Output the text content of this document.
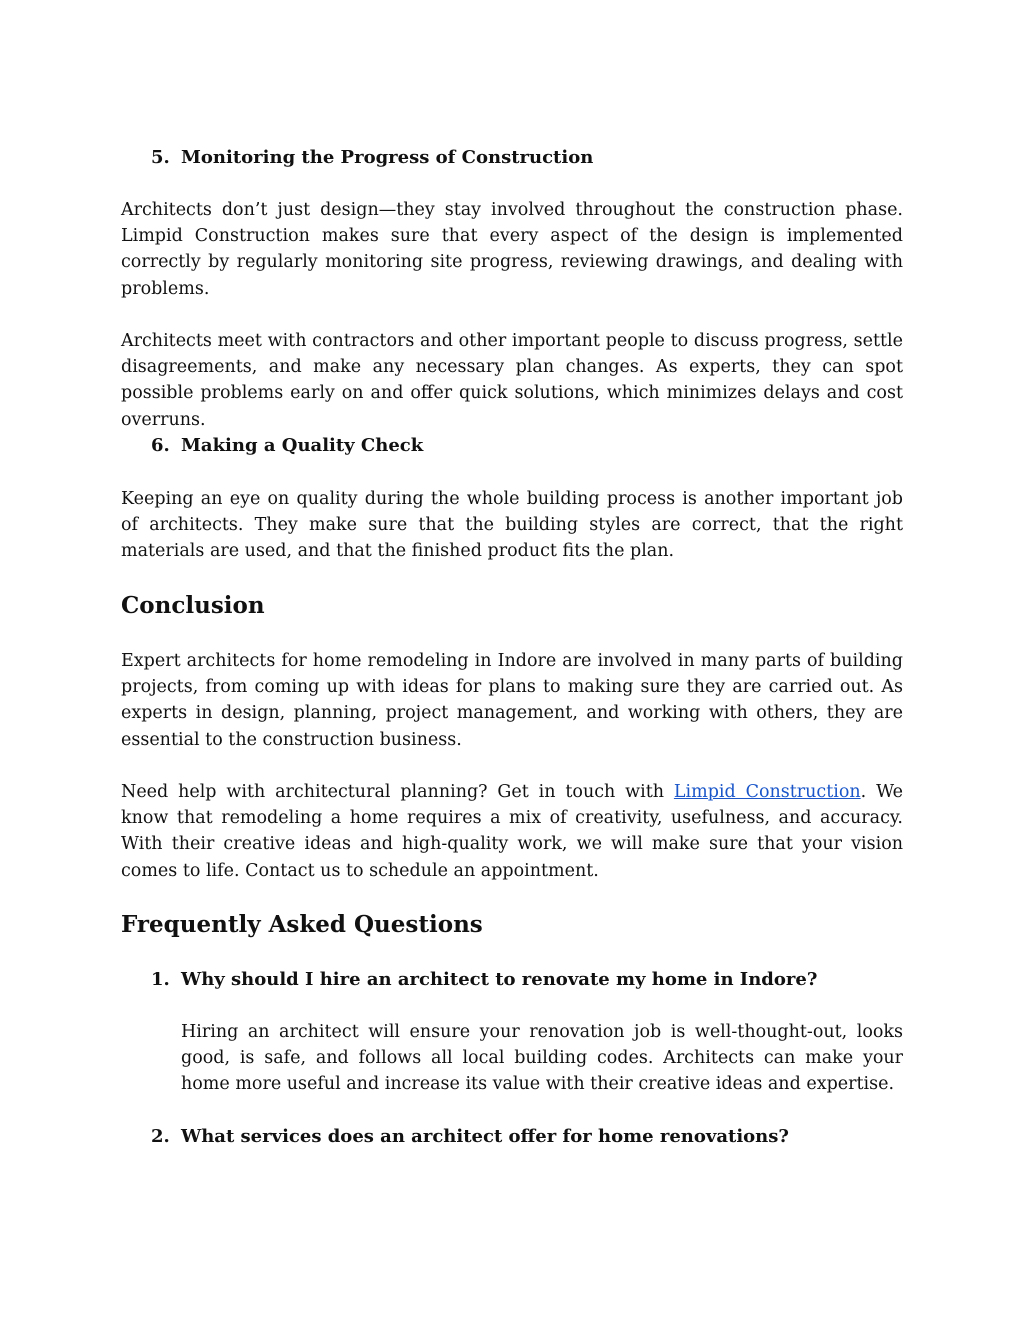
5. Monitoring the Progress of Construction

Architects don’t just design—they stay involved throughout the construction phase. Limpid Construction makes sure that every aspect of the design is implemented correctly by regularly monitoring site progress, reviewing drawings, and dealing with problems.

Architects meet with contractors and other important people to discuss progress, settle disagreements, and make any necessary plan changes. As experts, they can spot possible problems early on and offer quick solutions, which minimizes delays and cost overruns.

6. Making a Quality Check

Keeping an eye on quality during the whole building process is another important job of architects. They make sure that the building styles are correct, that the right materials are used, and that the finished product fits the plan.

Conclusion

Expert architects for home remodeling in Indore are involved in many parts of building projects, from coming up with ideas for plans to making sure they are carried out. As experts in design, planning, project management, and working with others, they are essential to the construction business.

Need help with architectural planning? Get in touch with Limpid Construction. We know that remodeling a home requires a mix of creativity, usefulness, and accuracy. With their creative ideas and high-quality work, we will make sure that your vision comes to life. Contact us to schedule an appointment.

Frequently Asked Questions
1. Why should I hire an architect to renovate my home in Indore?

Hiring an architect will ensure your renovation job is well-thought-out, looks good, is safe, and follows all local building codes. Architects can make your home more useful and increase its value with their creative ideas and expertise.

2. What services does an architect offer for home renovations?
